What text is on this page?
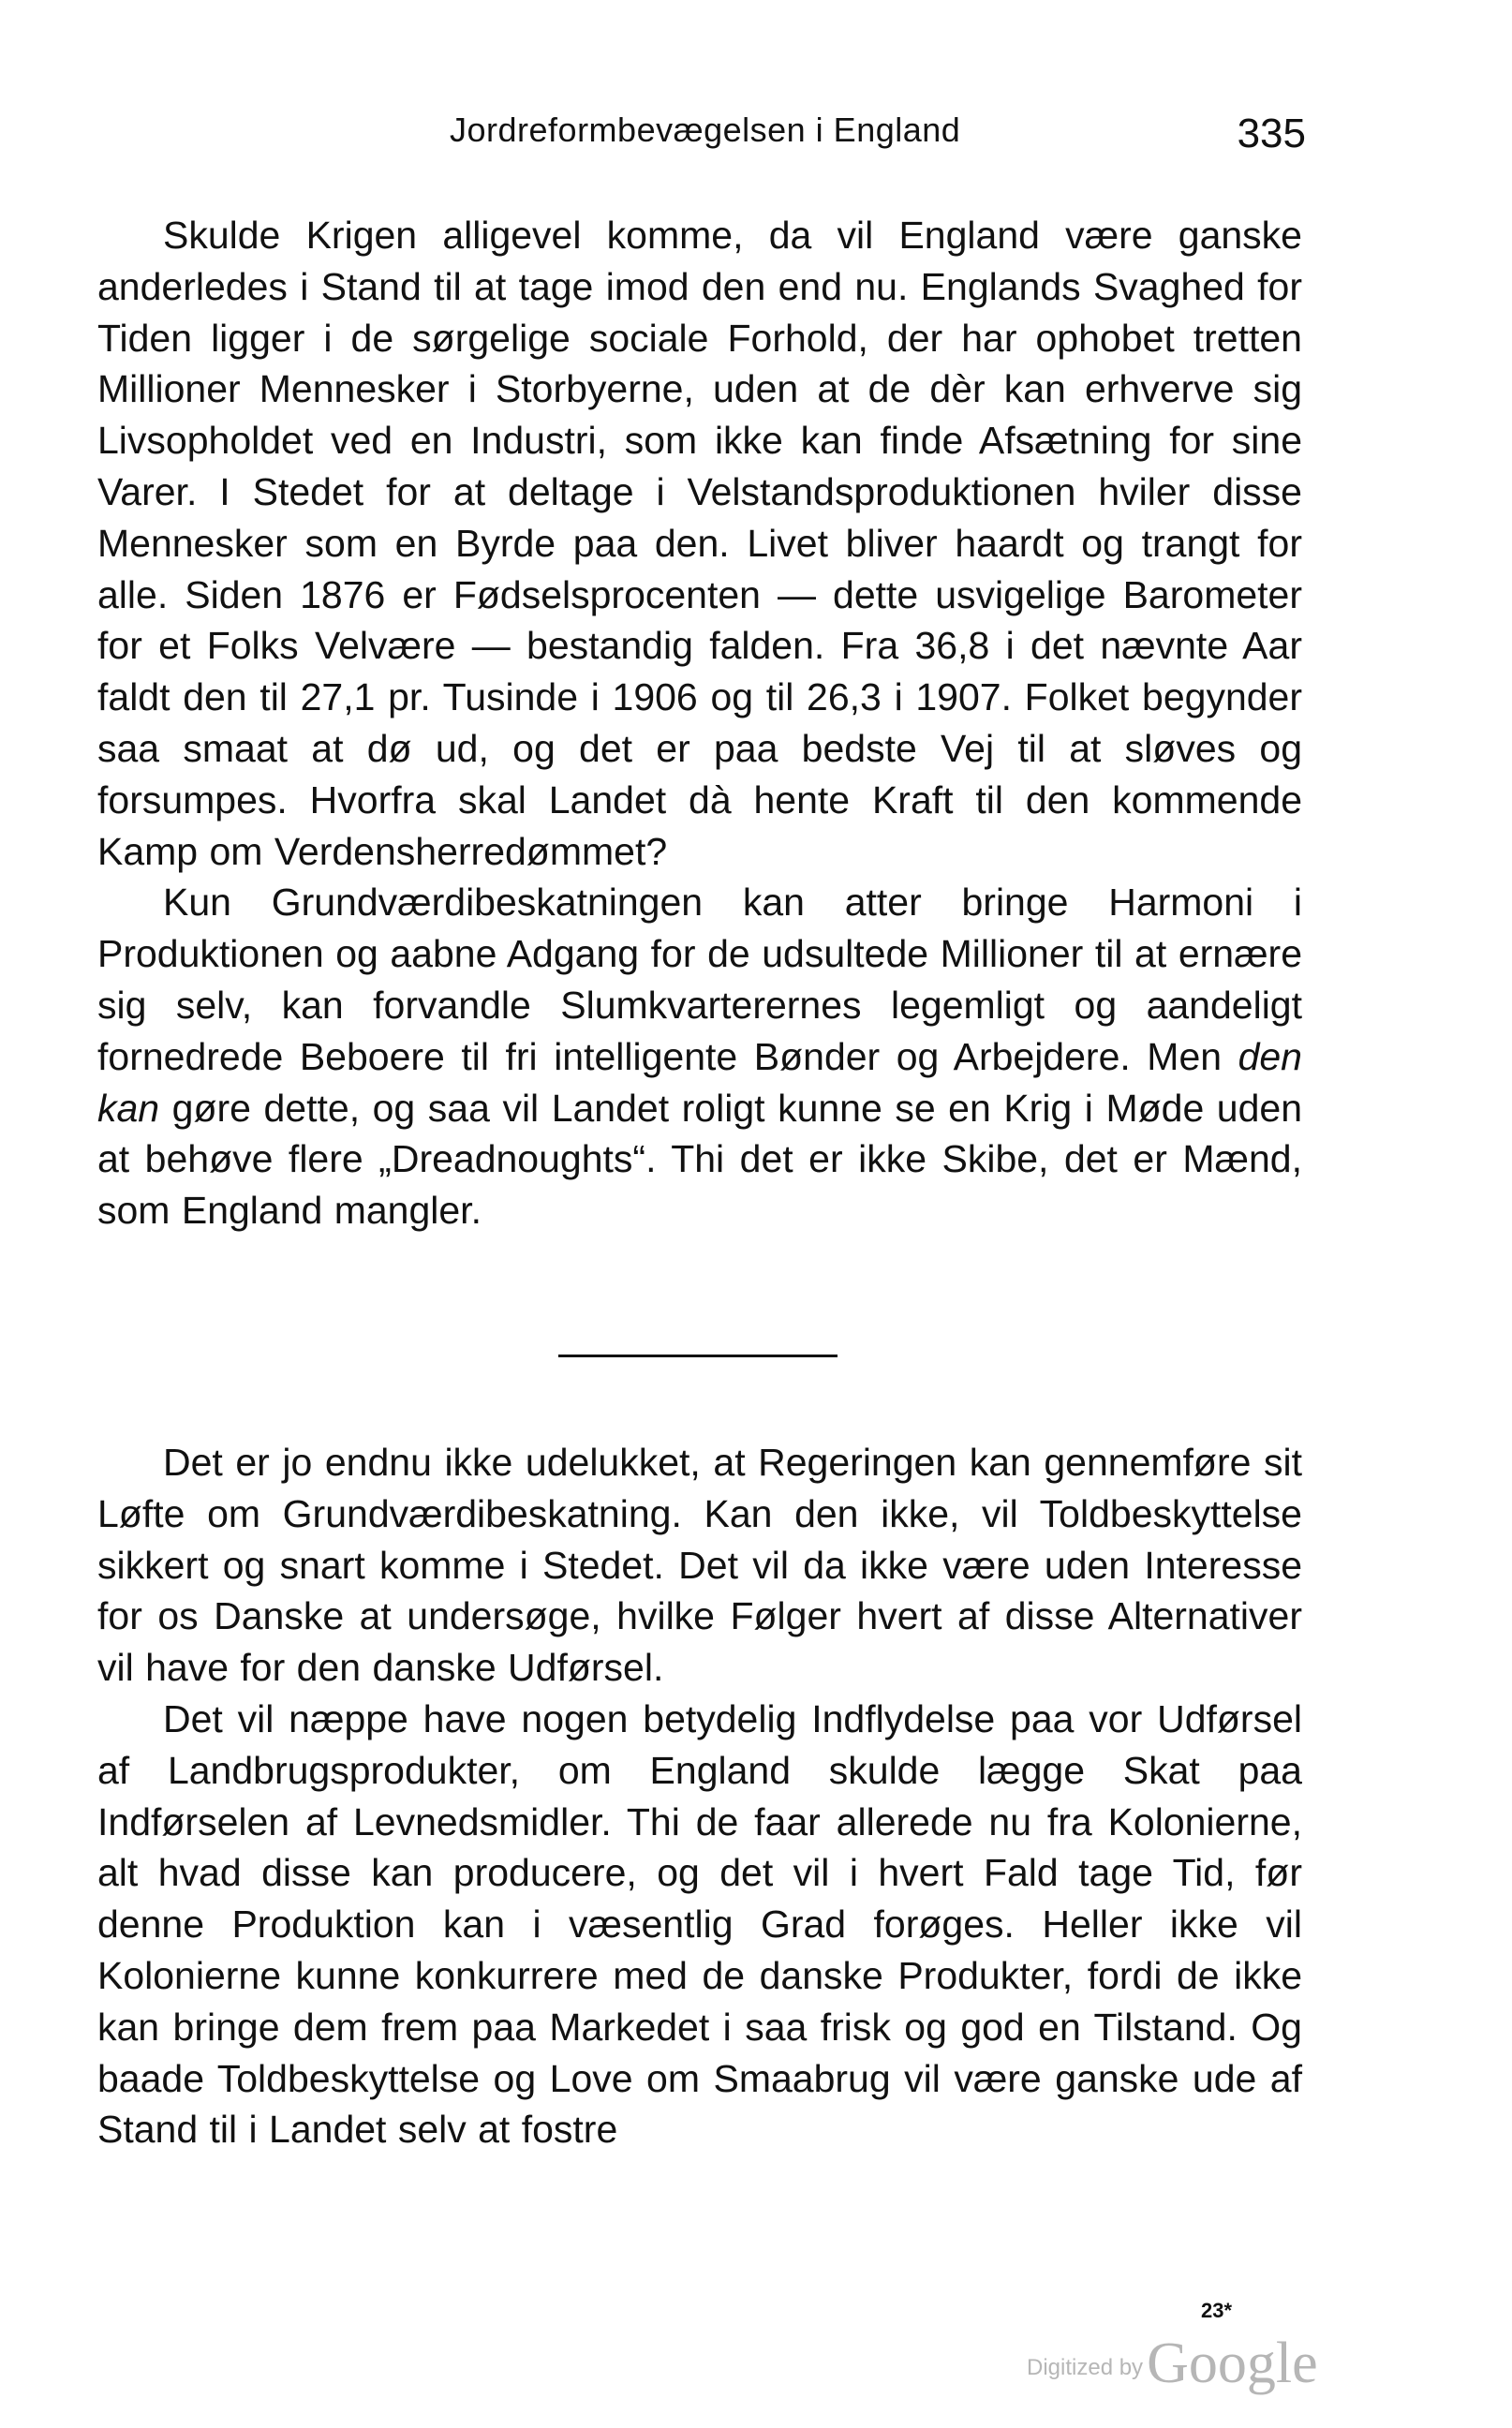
Jordreformbevægelsen i England	335

Skulde Krigen alligevel komme, da vil England være ganske anderledes i Stand til at tage imod den end nu. Englands Svaghed for Tiden ligger i de sørgelige sociale Forhold, der har ophobet tretten Millioner Mennesker i Storbyerne, uden at de dèr kan erhverve sig Livsopholdet ved en Industri, som ikke kan finde Afsætning for sine Varer. I Stedet for at deltage i Velstandsproduktionen hviler disse Mennesker som en Byrde paa den. Livet bliver haardt og trangt for alle. Siden 1876 er Fødselsprocenten — dette usvigelige Barometer for et Folks Velvære — bestandig falden. Fra 36,8 i det nævnte Aar faldt den til 27,1 pr. Tusinde i 1906 og til 26,3 i 1907. Folket begynder saa smaat at dø ud, og det er paa bedste Vej til at sløves og forsumpes. Hvorfra skal Landet dà hente Kraft til den kommende Kamp om Verdensherredømmet?

Kun Grundværdibeskatningen kan atter bringe Harmoni i Produktionen og aabne Adgang for de udsultede Millioner til at ernære sig selv, kan forvandle Slumkvarterernes legemligt og aandeligt fornedrede Beboere til fri intelligente Bønder og Arbejdere. Men den kan gøre dette, og saa vil Landet roligt kunne se en Krig i Møde uden at behøve flere „Dreadnoughts“. Thi det er ikke Skibe, det er Mænd, som England mangler.

Det er jo endnu ikke udelukket, at Regeringen kan gennemføre sit Løfte om Grundværdibeskatning. Kan den ikke, vil Toldbeskyttelse sikkert og snart komme i Stedet. Det vil da ikke være uden Interesse for os Danske at undersøge, hvilke Følger hvert af disse Alternativer vil have for den danske Udførsel.

Det vil næppe have nogen betydelig Indflydelse paa vor Udførsel af Landbrugsprodukter, om England skulde lægge Skat paa Indførselen af Levnedsmidler. Thi de faar allerede nu fra Kolonierne, alt hvad disse kan producere, og det vil i hvert Fald tage Tid, før denne Produktion kan i væsentlig Grad forøges. Heller ikke vil Kolonierne kunne konkurrere med de danske Produkter, fordi de ikke kan bringe dem frem paa Markedet i saa frisk og god en Tilstand. Og baade Toldbeskyttelse og Love om Smaabrug vil være ganske ude af Stand til i Landet selv at fostre

23*
Digitized by Google
